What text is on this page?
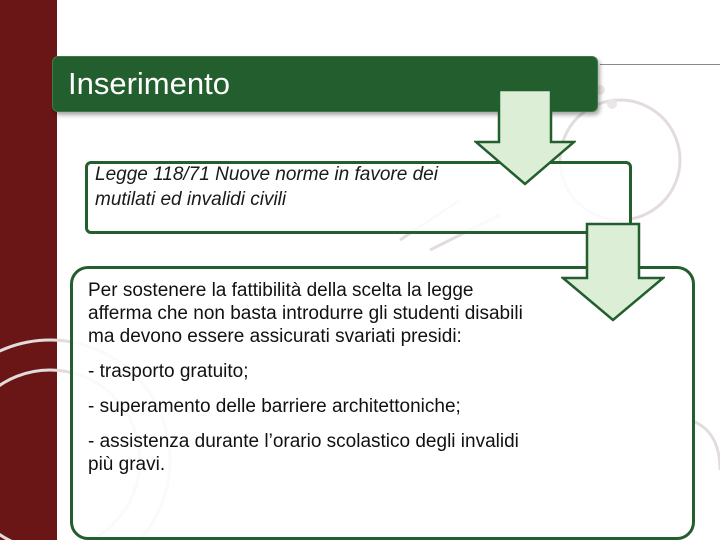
Inserimento
Legge 118/71 Nuove norme in favore dei mutilati ed invalidi civili

Per sostenere la fattibilità della scelta la legge afferma che non basta introdurre gli studenti disabili ma devono essere assicurati svariati presidi:

- trasporto gratuito;

- superamento delle barriere architettoniche;

- assistenza durante l’orario scolastico degli invalidi più gravi.
